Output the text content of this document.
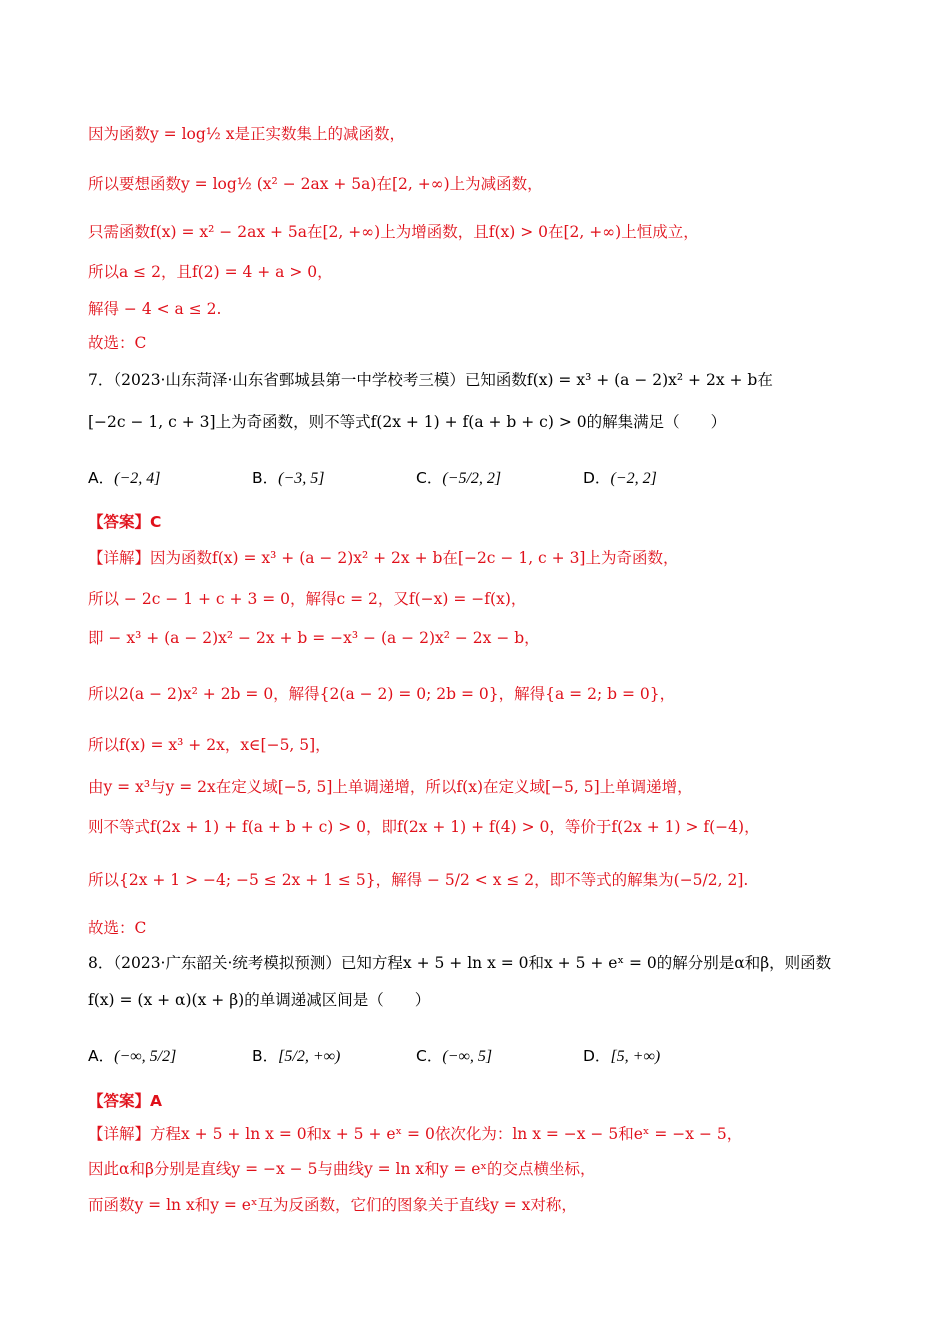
因为函数y = log½ x是正实数集上的减函数，
所以要想函数y = log½ (x² − 2ax + 5a)在[2, +∞)上为减函数，
只需函数f(x) = x² − 2ax + 5a在[2, +∞)上为增函数，且f(x) > 0在[2, +∞)上恒成立，
所以a ≤ 2，且f(2) = 4 + a > 0，
解得 − 4 < a ≤ 2.
故选：C
7．（2023·山东菏泽·山东省鄄城县第一中学校考三模）已知函数f(x) = x³ + (a − 2)x² + 2x + b在
[−2c − 1, c + 3]上为奇函数，则不等式f(2x + 1) + f(a + b + c) > 0的解集满足（　　）
A．(−2, 4]	B．(−3, 5]	C．(−5/2, 2]	D．(−2, 2]
【答案】C
【详解】因为函数f(x) = x³ + (a − 2)x² + 2x + b在[−2c − 1, c + 3]上为奇函数，
所以 − 2c − 1 + c + 3 = 0，解得c = 2，又f(−x) = −f(x)，
即 − x³ + (a − 2)x² − 2x + b = −x³ − (a − 2)x² − 2x − b，
所以2(a − 2)x² + 2b = 0，解得{2(a − 2) = 0; 2b = 0}，解得{a = 2; b = 0}，
所以f(x) = x³ + 2x，x∈[−5, 5]，
由y = x³与y = 2x在定义域[−5, 5]上单调递增，所以f(x)在定义域[−5, 5]上单调递增，
则不等式f(2x + 1) + f(a + b + c) > 0，即f(2x + 1) + f(4) > 0，等价于f(2x + 1) > f(−4)，
所以{2x + 1 > −4; −5 ≤ 2x + 1 ≤ 5}，解得 − 5/2 < x ≤ 2，即不等式的解集为(−5/2, 2].
故选：C
8．（2023·广东韶关·统考模拟预测）已知方程x + 5 + ln x = 0和x + 5 + eˣ = 0的解分别是α和β，则函数
f(x) = (x + α)(x + β)的单调递减区间是（　　）
A．(−∞, 5/2]	B．[5/2, +∞)	C．(−∞, 5]	D．[5, +∞)
【答案】A
【详解】方程x + 5 + ln x = 0和x + 5 + eˣ = 0依次化为：ln x = −x − 5和eˣ = −x − 5，
因此α和β分别是直线y = −x − 5与曲线y = ln x和y = eˣ的交点横坐标，
而函数y = ln x和y = eˣ互为反函数，它们的图象关于直线y = x对称，
